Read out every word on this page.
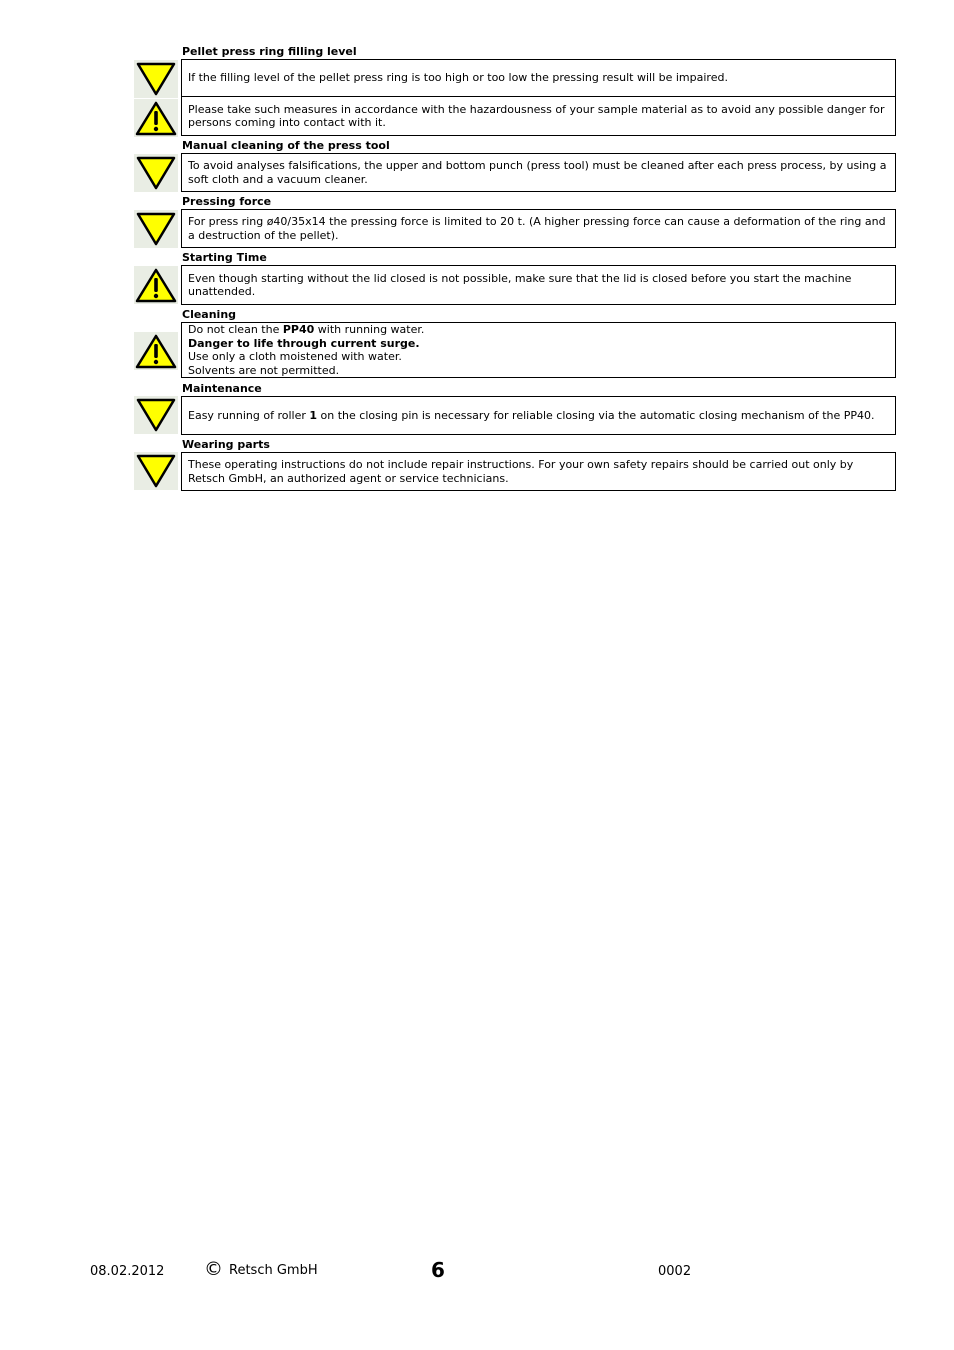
Pellet press ring filling level
If the filling level of the pellet press ring is too high or too low the pressing result will be impaired.
Please take such measures in accordance with the hazardousness of your sample material as to avoid any possible danger for persons coming into contact with it.
Manual cleaning of the press tool
To avoid analyses falsifications, the upper and bottom punch (press tool) must be cleaned after each press process, by using a soft cloth and a vacuum cleaner.
Pressing force
For press ring ø40/35x14 the pressing force is limited to 20 t. (A higher pressing force can cause a deformation of the ring and a destruction of the pellet).
Starting Time
Even though starting without the lid closed is not possible, make sure that the lid is closed before you start the machine unattended.
Cleaning
Do not clean the PP40 with running water.
Danger to life through current surge.
Use only a cloth moistened with water.
Solvents are not permitted.
Maintenance
Easy running of roller 1 on the closing pin is necessary for reliable closing via the automatic closing mechanism of the PP40.
Wearing parts
These operating instructions do not include repair instructions. For your own safety repairs should be carried out only by Retsch GmbH, an authorized agent or service technicians.
08.02.2012 © Retsch GmbH	6	0002
